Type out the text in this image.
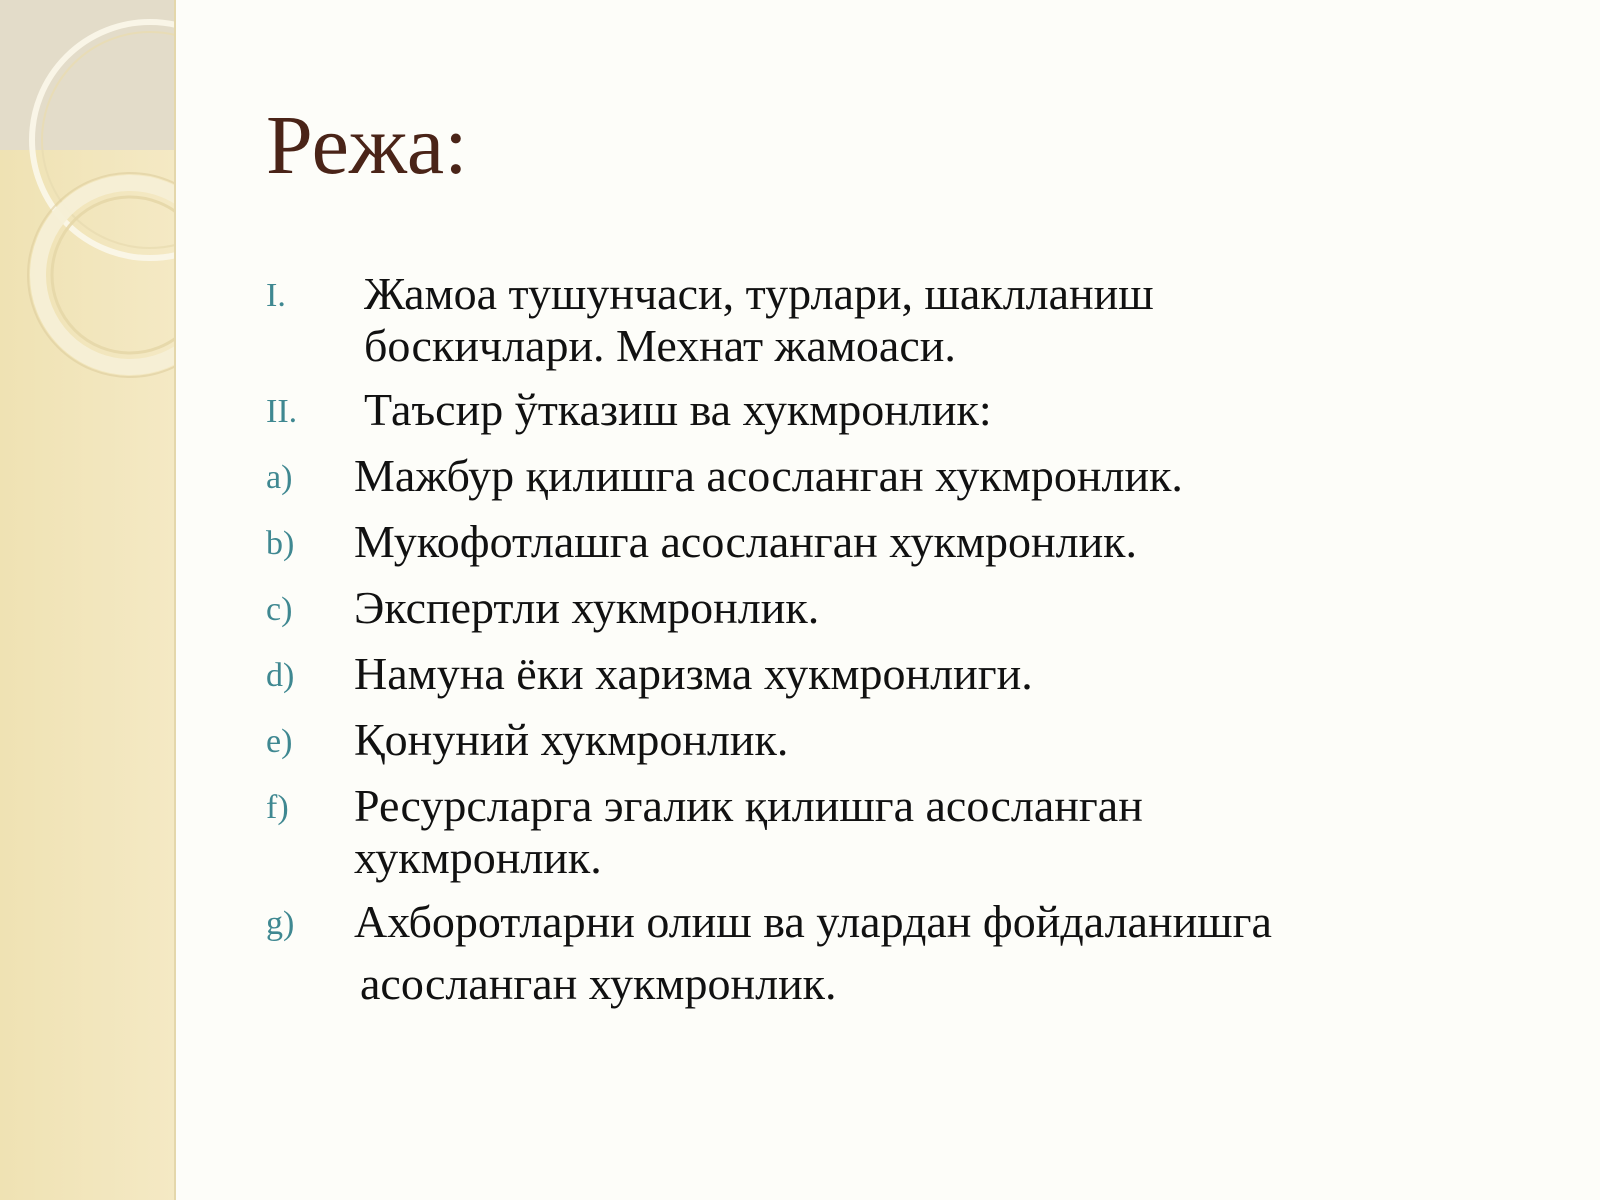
Режа:
I.	Жамоа тушунчаси, турлари, шаклланиш
боскичлари. Мехнат жамоаси.
II.	Таъсир ўтказиш ва хукмронлик:
a)	Мажбур қилишга асосланган хукмронлик.
b)	Мукофотлашга асосланган хукмронлик.
c)	Экспертли хукмронлик.
d)	Намуна ёки харизма хукмронлиги.
e)	Қонуний хукмронлик.
f)	Ресурсларга эгалик қилишга асосланган
хукмронлик.
g)	Ахборотларни олиш ва улардан фойдаланишга
асосланган хукмронлик.
